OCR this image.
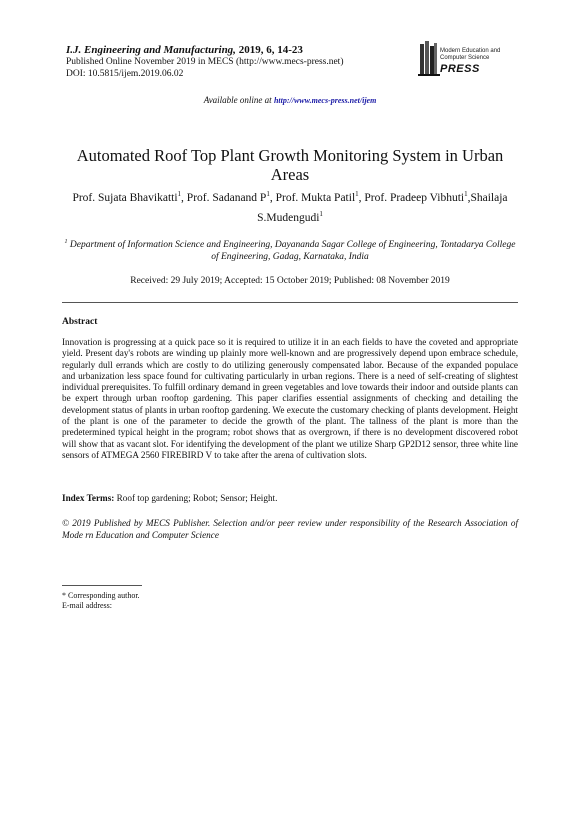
I.J. Engineering and Manufacturing, 2019, 6, 14-23

Published Online November 2019 in MECS (http://www.mecs-press.net)

DOI: 10.5815/ijem.2019.06.02

Modern Education and Computer Science
PRESS
Available online at http://www.mecs-press.net/ijem
Automated Roof Top Plant Growth Monitoring System in Urban Areas
Prof. Sujata Bhavikatti$^1$, Prof. Sadanand $P^1$, Prof. Mukta Patil$^1$, Prof. Pradeep Vibhuti$^1$,Shailaja S.Mudengudi$^1$
$^1$ Department of Information Science and Engineering, Dayananda Sagar College of Engineering, Tontadarya College of Engineering, Gadag, Karnataka, India
Received: 29 July 2019; Accepted: 15 October 2019; Published: 08 November 2019
Abstract

Innovation is progressing at a quick pace so it is required to utilize it in an each fields to have the coveted and appropriate yield. Present day's robots are winding up plainly more well-known and are progressively depend upon embrace schedule, regularly dull errands which are costly to do utilizing generously compensated labor. Because of the expanded populace and urbanization less space found for cultivating particularly in urban regions. There is a need of self-creating of slightest individual prerequisites. To fulfill ordinary demand in green vegetables and love towards their indoor and outside plants can be expert through urban rooftop gardening. This paper clarifies essential assignments of checking and detailing the development status of plants in urban rooftop gardening. We execute the customary checking of plants development. Height of the plant is one of the parameter to decide the growth of the plant. The tallness of the plant is more than the predetermined typical height in the program; robot shows that as overgrown, if there is no development discovered robot will show that as vacant slot. For identifying the development of the plant we utilize Sharp GP2D12 sensor, three white line sensors of ATMEGA 2560 FIREBIRD V to take after the arena of cultivation slots.

Index Terms: Roof top gardening; Robot; Sensor; Height.

© 2019 Published by MECS Publisher. Selection and/or peer review under responsibility of the Research Association of Mode rn Education and Computer Science

* Corresponding author.
E-mail address:
